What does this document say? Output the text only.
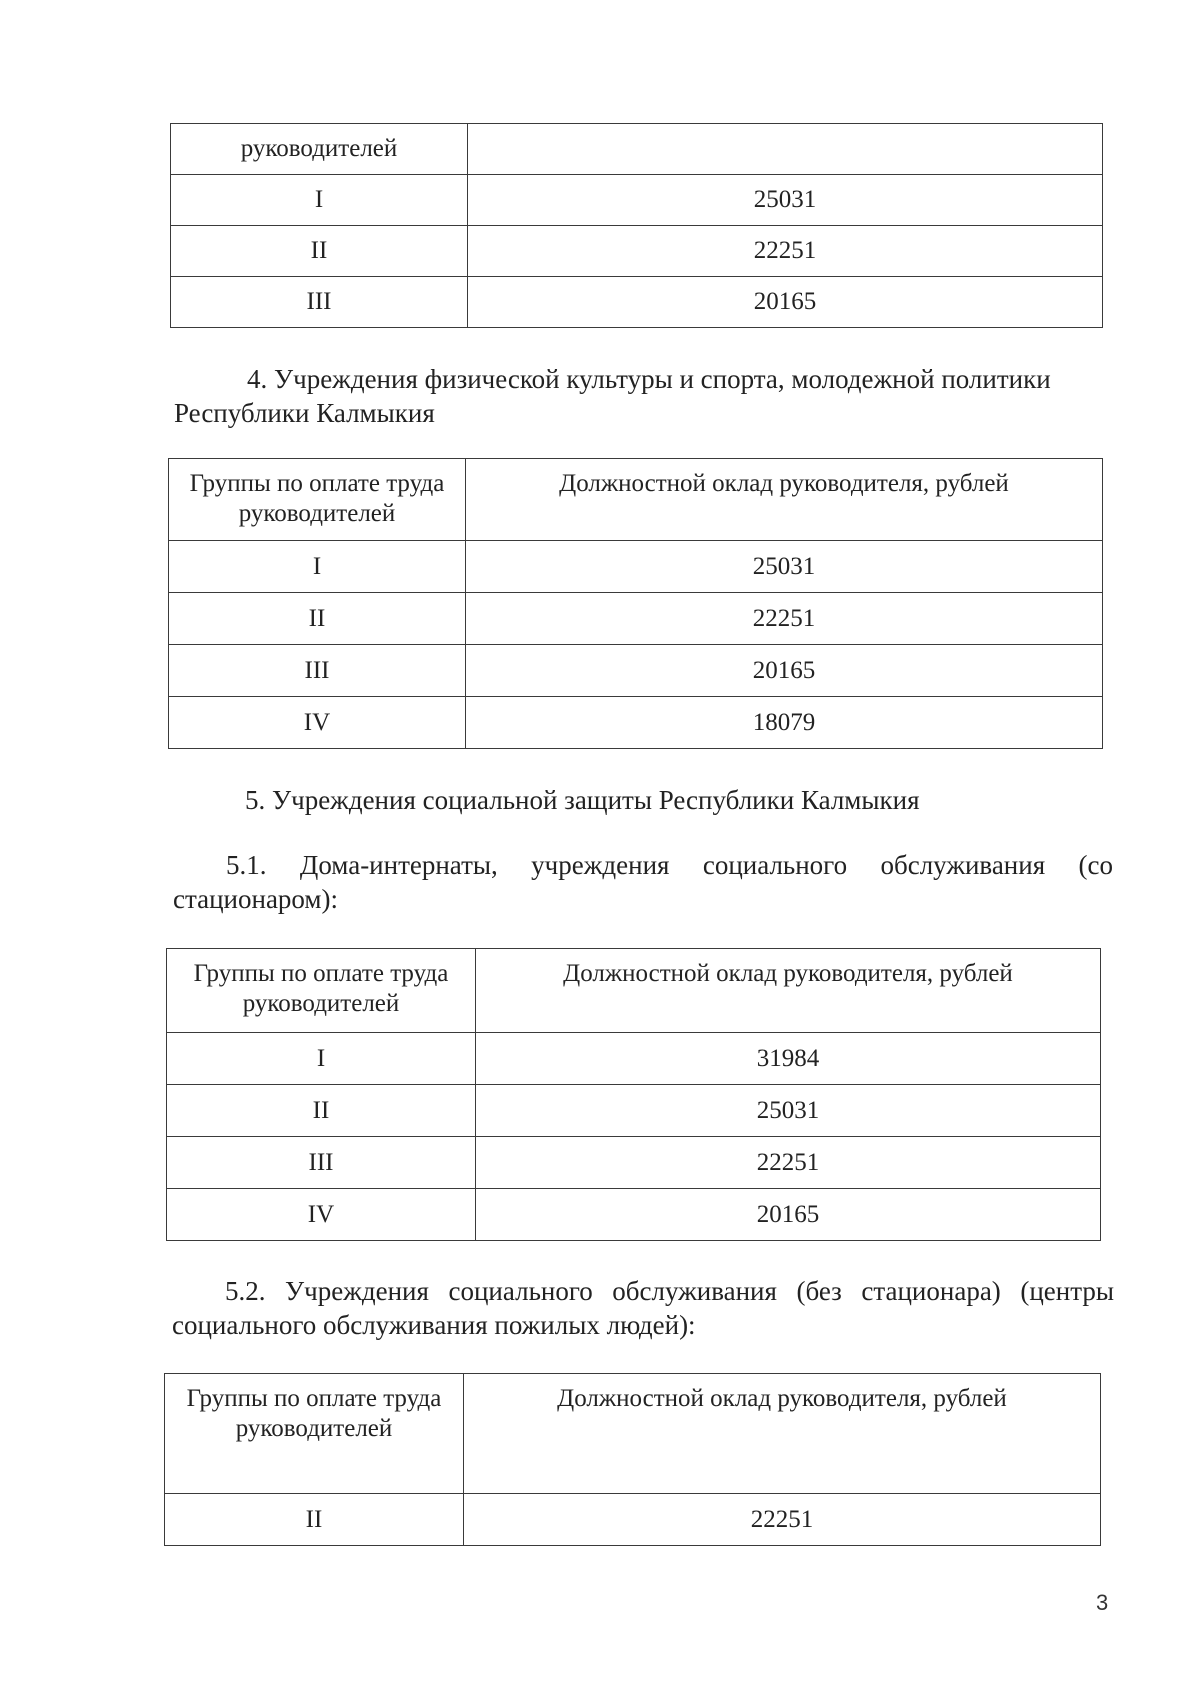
руководителей	
I	25031
II	22251
III	20165

4. Учреждения физической культуры и спорта, молодежной политики Республики Калмыкия

Группы по оплате труда руководителей	Должностной оклад руководителя, рублей
I	25031
II	22251
III	20165
IV	18079

5. Учреждения социальной защиты Республики Калмыкия

5.1. Дома-интернаты, учреждения социального обслуживания (со стационаром):

Группы по оплате труда руководителей	Должностной оклад руководителя, рублей
I	31984
II	25031
III	22251
IV	20165

5.2. Учреждения социального обслуживания (без стационара) (центры социального обслуживания пожилых людей):

Группы по оплате труда руководителей	Должностной оклад руководителя, рублей
II	22251
3
